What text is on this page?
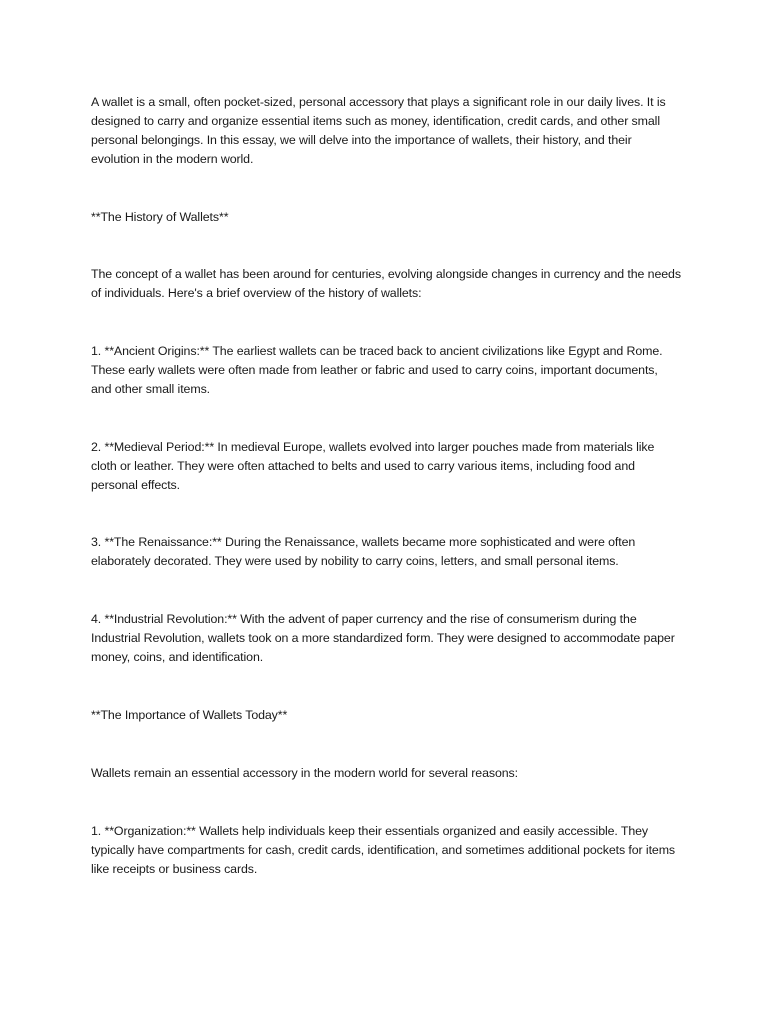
A wallet is a small, often pocket-sized, personal accessory that plays a significant role in our daily lives. It is designed to carry and organize essential items such as money, identification, credit cards, and other small personal belongings. In this essay, we will delve into the importance of wallets, their history, and their evolution in the modern world.

**The History of Wallets**

The concept of a wallet has been around for centuries, evolving alongside changes in currency and the needs of individuals. Here's a brief overview of the history of wallets:

1. **Ancient Origins:** The earliest wallets can be traced back to ancient civilizations like Egypt and Rome. These early wallets were often made from leather or fabric and used to carry coins, important documents, and other small items.

2. **Medieval Period:** In medieval Europe, wallets evolved into larger pouches made from materials like cloth or leather. They were often attached to belts and used to carry various items, including food and personal effects.

3. **The Renaissance:** During the Renaissance, wallets became more sophisticated and were often elaborately decorated. They were used by nobility to carry coins, letters, and small personal items.

4. **Industrial Revolution:** With the advent of paper currency and the rise of consumerism during the Industrial Revolution, wallets took on a more standardized form. They were designed to accommodate paper money, coins, and identification.

**The Importance of Wallets Today**

Wallets remain an essential accessory in the modern world for several reasons:

1. **Organization:** Wallets help individuals keep their essentials organized and easily accessible. They typically have compartments for cash, credit cards, identification, and sometimes additional pockets for items like receipts or business cards.
